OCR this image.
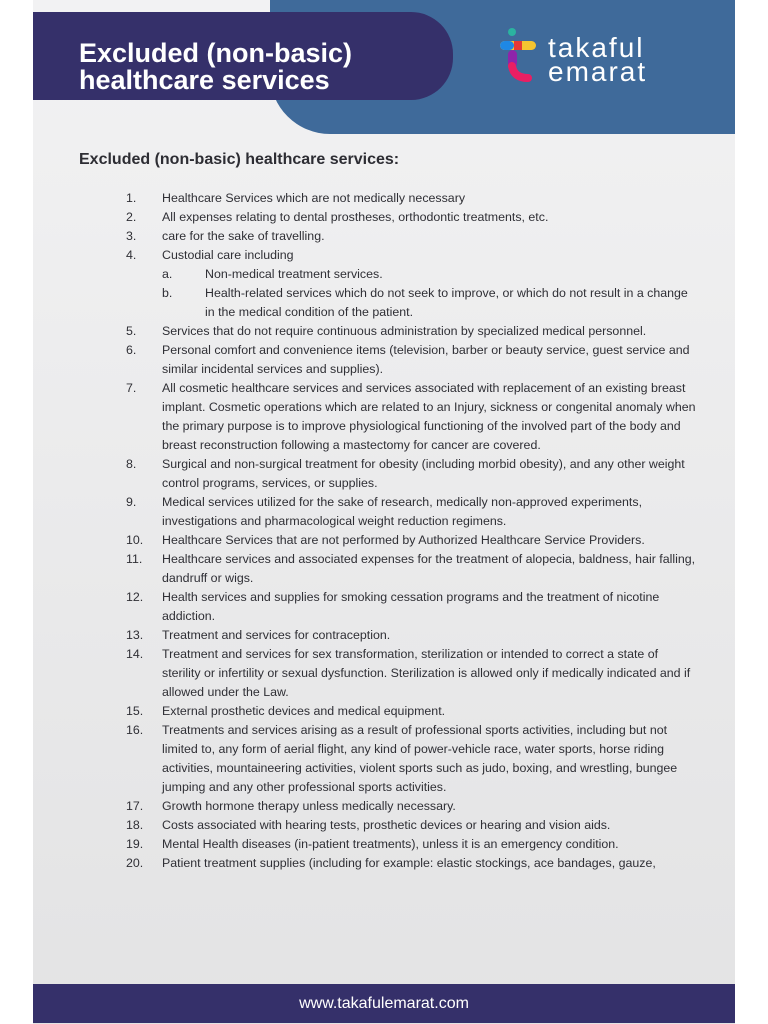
Excluded (non-basic)
healthcare services
takaful
emarat
Excluded (non-basic) healthcare services:
1. Healthcare Services which are not medically necessary
2. All expenses relating to dental prostheses, orthodontic treatments, etc.
3. care for the sake of travelling.
4. Custodial care including
a.	Non-medical treatment services.
b.	Health-related services which do not seek to improve, or which do not result in a change in the medical condition of the patient.
5. Services that do not require continuous administration by specialized medical personnel.
6. Personal comfort and convenience items (television, barber or beauty service, guest service and similar incidental services and supplies).
7. All cosmetic healthcare services and services associated with replacement of an existing breast implant. Cosmetic operations which are related to an Injury, sickness or congenital anomaly when the primary purpose is to improve physiological functioning of the involved part of the body and breast reconstruction following a mastectomy for cancer are covered.
8. Surgical and non-surgical treatment for obesity (including morbid obesity), and any other weight control programs, services, or supplies.
9. Medical services utilized for the sake of research, medically non-approved experiments, investigations and pharmacological weight reduction regimens.
10. Healthcare Services that are not performed by Authorized Healthcare Service Providers.
11. Healthcare services and associated expenses for the treatment of alopecia, baldness, hair falling, dandruff or wigs.
12. Health services and supplies for smoking cessation programs and the treatment of nicotine addiction.
13. Treatment and services for contraception.
14. Treatment and services for sex transformation, sterilization or intended to correct a state of sterility or infertility or sexual dysfunction. Sterilization is allowed only if medically indicated and if allowed under the Law.
15. External prosthetic devices and medical equipment.
16. Treatments and services arising as a result of professional sports activities, including but not limited to, any form of aerial flight, any kind of power-vehicle race, water sports, horse riding activities, mountaineering activities, violent sports such as judo, boxing, and wrestling, bungee jumping and any other professional sports activities.
17. Growth hormone therapy unless medically necessary.
18. Costs associated with hearing tests, prosthetic devices or hearing and vision aids.
19. Mental Health diseases (in-patient treatments), unless it is an emergency condition.
20. Patient treatment supplies (including for example: elastic stockings, ace bandages, gauze,
www.takafulemarat.com
